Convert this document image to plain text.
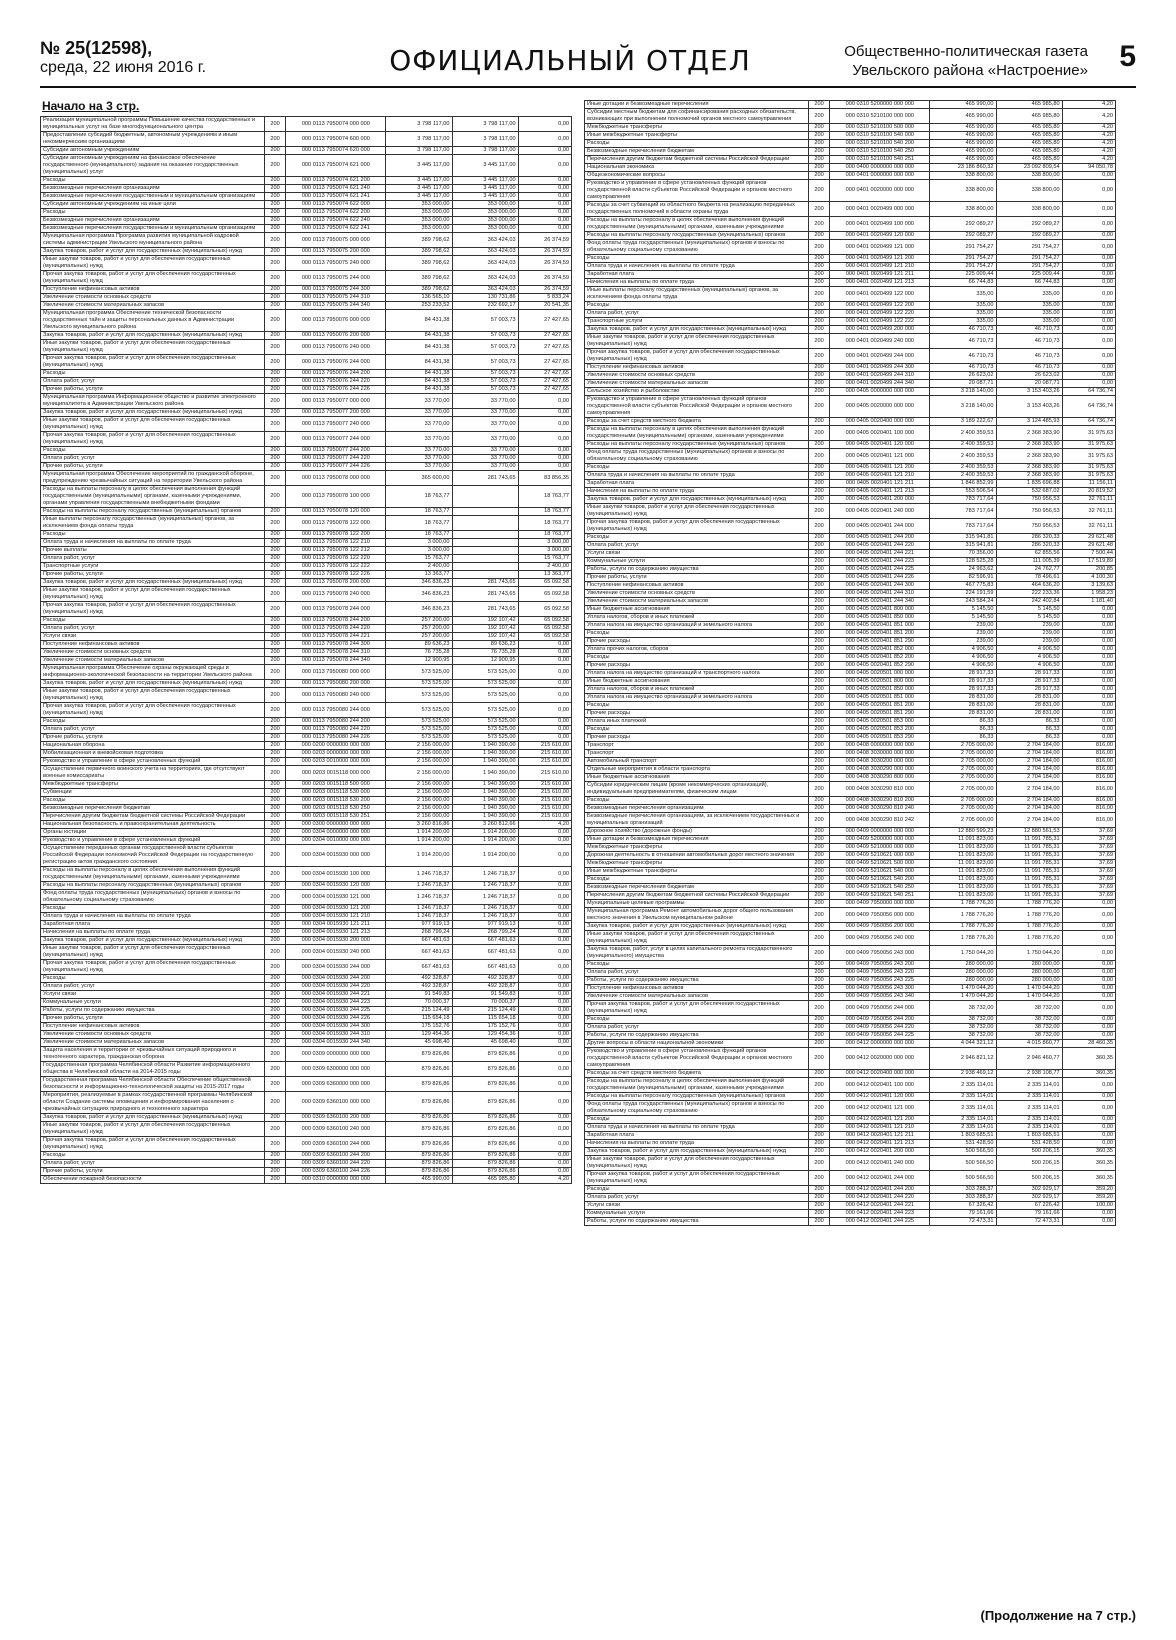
№ 25(12598),
среда, 22 июня 2016 г.	ОФИЦИАЛЬНЫЙ ОТДЕЛ	Общественно-политическая газета
Увельского района «Настроение» 5
Начало на 3 стр.
Реализация муниципальной программы Повышение качества государственных и муниципальных услуг на базе многофункционального центра	200	000 0113 7950074 000 000	3 798 117,00	3 798 117,00	0,00
Предоставление субсидий бюджетным, автономным учреждениям и иным некоммерческим организациям	200	000 0113 7950074 600 000	3 798 117,00	3 798 117,00	0,00
Субсидии автономным учреждениям	200	000 0113 7950074 620 000	3 798 117,00	3 798 117,00	0,00
Субсидии автономным учреждениям на финансовое обеспечение государственного (муниципального) задания на оказание государственных (муниципальных) услуг	200	000 0113 7950074 621 000	3 445 117,00	3 445 117,00	0,00
Расходы	200	000 0113 7950074 621 200	3 445 117,00	3 445 117,00	0,00
Безвозмездные перечисления организациям	200	000 0113 7950074 621 240	3 445 117,00	3 445 117,00	0,00
Безвозмездные перечисления государственным и муниципальным организациям	200	000 0113 7950074 621 241	3 445 117,00	3 445 117,00	0,00
Субсидии автономным учреждениям на иные цели	200	000 0113 7950074 622 000	353 000,00	353 000,00	0,00
Расходы	200	000 0113 7950074 622 200	353 000,00	353 000,00	0,00
Безвозмездные перечисления организациям	200	000 0113 7950074 622 240	353 000,00	353 000,00	0,00
Безвозмездные перечисления государственным и муниципальным организациям	200	000 0113 7950074 622 241	353 000,00	353 000,00	0,00
Муниципальная программа Программа развития муниципальной кадровой системы администрации Увельского муниципального района	200	000 0113 7950075 000 000	389 798,62	363 424,03	26 374,59
Закупка товаров, работ и услуг для государственных (муниципальных) нужд	200	000 0113 7950075 200 000	389 798,62	363 424,03	26 374,59
Иные закупки товаров, работ и услуг для обеспечения государственных (муниципальных) нужд	200	000 0113 7950075 240 000	389 798,62	363 424,03	26 374,59
Прочая закупка товаров, работ и услуг для обеспечения государственных (муниципальных) нужд	200	000 0113 7950075 244 000	389 798,62	363 424,03	26 374,59
Поступление нефинансовых активов	200	000 0113 7950075 244 300	389 798,62	363 424,03	26 374,59
Увеличение стоимости основных средств	200	000 0113 7950075 244 310	136 565,10	130 731,86	5 833,24
Увеличение стоимости материальных запасов	200	000 0113 7950075 244 340	253 233,52	232 692,17	20 541,35
Муниципальная программа Обеспечение технической безопасности государственных тайн и защиты персональных данных в Администрации Увельского муниципального района	200	000 0113 7950076 000 000	84 431,38	57 003,73	27 427,65
Закупка товаров, работ и услуг для государственных (муниципальных) нужд	200	000 0113 7950076 200 000	84 431,38	57 003,73	27 427,65
Иные закупки товаров, работ и услуг для обеспечения государственных (муниципальных) нужд	200	000 0113 7950076 240 000	84 431,38	57 003,73	27 427,65
Прочая закупка товаров, работ и услуг для обеспечения государственных (муниципальных) нужд	200	000 0113 7950076 244 000	84 431,38	57 003,73	27 427,65
Расходы	200	000 0113 7950076 244 200	84 431,38	57 003,73	27 427,65
Оплата работ, услуг	200	000 0113 7950076 244 220	84 431,38	57 003,73	27 427,65
Прочие работы, услуги	200	000 0113 7950076 244 226	84 431,38	57 003,73	27 427,65
Муниципальная программа Информационное общество и развитие электронного муниципалитета в Администрации Увельского района	200	000 0113 7950077 000 000	33 770,00	33 770,00	0,00
Закупка товаров, работ и услуг для государственных (муниципальных) нужд	200	000 0113 7950077 200 000	33 770,00	33 770,00	0,00
Иные закупки товаров, работ и услуг для обеспечения государственных (муниципальных) нужд	200	000 0113 7950077 240 000	33 770,00	33 770,00	0,00
Прочая закупка товаров, работ и услуг для обеспечения государственных (муниципальных) нужд	200	000 0113 7950077 244 000	33 770,00	33 770,00	0,00
Расходы	200	000 0113 7950077 244 200	33 770,00	33 770,00	0,00
Оплата работ, услуг	200	000 0113 7950077 244 220	33 770,00	33 770,00	0,00
Прочие работы, услуги	200	000 0113 7950077 244 226	33 770,00	33 770,00	0,00
Муниципальная программа Обеспечение мероприятий по гражданской обороне, предупреждению чрезвычайных ситуаций на территории Увельского района	200	000 0113 7950078 000 000	365 600,00	281 743,65	83 856,35
Расходы на выплаты персоналу в целях обеспечения выполнения функций государственными (муниципальными) органами, казенными учреждениями, органами управления государственными внебюджетными фондами	200	000 0113 7950078 100 000	18 763,77		18 763,77
Расходы на выплаты персоналу государственных (муниципальных) органов	200	000 0113 7950078 120 000	18 763,77		18 763,77
Иные выплаты персоналу государственных (муниципальных) органов, за исключением фонда оплаты труда	200	000 0113 7950078 122 000	18 763,77		18 763,77
Расходы	200	000 0113 7950078 122 200	18 763,77		18 763,77
Оплата труда и начисления на выплаты по оплате труда	200	000 0113 7950078 122 210	3 000,00		3 000,00
Прочие выплаты	200	000 0113 7950078 122 212	3 000,00		3 000,00
Оплата работ, услуг	200	000 0113 7950078 122 220	15 763,77		15 763,77
Транспортные услуги	200	000 0113 7950078 122 222	2 400,00		2 400,00
Прочие работы, услуги	200	000 0113 7950078 122 226	13 363,77		13 363,77
Закупка товаров, работ и услуг для государственных (муниципальных) нужд	200	000 0113 7950078 200 000	346 836,23	281 743,65	65 092,58
Иные закупки товаров, работ и услуг для обеспечения государственных (муниципальных) нужд	200	000 0113 7950078 240 000	346 836,23	281 743,65	65 092,58
Прочая закупка товаров, работ и услуг для обеспечения государственных (муниципальных) нужд	200	000 0113 7950078 244 000	346 836,23	281 743,65	65 092,58
Расходы	200	000 0113 7950078 244 200	257 200,00	192 107,42	65 092,58
Оплата работ, услуг	200	000 0113 7950078 244 220	257 200,00	192 107,42	65 092,58
Услуги связи	200	000 0113 7950078 244 221	257 200,00	192 107,42	65 092,58
Поступление нефинансовых активов	200	000 0113 7950078 244 300	89 636,23	89 636,23	0,00
Увеличение стоимости основных средств	200	000 0113 7950078 244 310	76 735,28	76 735,28	0,00
Увеличение стоимости материальных запасов	200	000 0113 7950078 244 340	12 900,95	12 900,95	0,00
Муниципальная программа Обеспечение охраны окружающей среды и информационно-экологической безопасности на территории Увельского района	200	000 0113 7950080 000 000	573 525,00	573 525,00	0,00
Закупка товаров, работ и услуг для государственных (муниципальных) нужд	200	000 0113 7950080 200 000	573 525,00	573 525,00	0,00
Иные закупки товаров, работ и услуг для обеспечения государственных (муниципальных) нужд	200	000 0113 7950080 240 000	573 525,00	573 525,00	0,00
Прочая закупка товаров, работ и услуг для обеспечения государственных (муниципальных) нужд	200	000 0113 7950080 244 000	573 525,00	573 525,00	0,00
Расходы	200	000 0113 7950080 244 200	573 525,00	573 525,00	0,00
Оплата работ, услуг	200	000 0113 7950080 244 220	573 525,00	573 525,00	0,00
Прочие работы, услуги	200	000 0113 7950080 244 226	573 525,00	573 525,00	0,00
Национальная оборона	200	000 0200 0000000 000 000	2 156 000,00	1 940 390,00	215 610,00
Мобилизационная и вневойсковая подготовка	200	000 0203 0000000 000 000	2 156 000,00	1 940 390,00	215 610,00
Руководство и управление в сфере установленных функций	200	000 0203 0010000 000 000	2 156 000,00	1 940 390,00	215 610,00
Осуществление первичного воинского учета на территориях, где отсутствуют военные комиссариаты	200	000 0203 0015118 000 000	2 156 000,00	1 940 390,00	215 610,00
Межбюджетные трансферты	200	000 0203 0015118 500 000	2 156 000,00	1 940 390,00	215 610,00
Субвенции	200	000 0203 0015118 530 000	2 156 000,00	1 940 390,00	215 610,00
Расходы	200	000 0203 0015118 530 200	2 156 000,00	1 940 390,00	215 610,00
Безвозмездные перечисления бюджетам	200	000 0203 0015118 530 250	2 156 000,00	1 940 390,00	215 610,00
Перечисления другим бюджетам бюджетной системы Российской Федерации	200	000 0203 0015118 530 251	2 156 000,00	1 940 390,00	215 610,00
Национальная безопасность и правоохранительная деятельность	200	000 0300 0000000 000 000	3 260 816,86	3 260 812,66	4,20
Органы юстиции	200	000 0304 0000000 000 000	1 914 200,00	1 914 200,00	0,00
Руководство и управление в сфере установленных функций	200	000 0304 0010000 000 000	1 914 200,00	1 914 200,00	0,00
Осуществление переданных органам государственной власти субъектов Российской Федерации полномочий Российской Федерации на государственную регистрацию актов гражданского состояния	200	000 0304 0015930 000 000	1 914 200,00	1 914 200,00	0,00
Расходы на выплаты персоналу в целях обеспечения выполнения функций государственными (муниципальными) органами, казенными учреждениями	200	000 0304 0015930 100 000	1 246 718,37	1 246 718,37	0,00
Расходы на выплаты персоналу государственных (муниципальных) органов	200	000 0304 0015930 120 000	1 246 718,37	1 246 718,37	0,00
Фонд оплаты труда государственных (муниципальных) органов и взносы по обязательному социальному страхованию	200	000 0304 0015930 121 000	1 246 718,37	1 246 718,37	0,00
Расходы	200	000 0304 0015930 121 200	1 246 718,37	1 246 718,37	0,00
Оплата труда и начисления на выплаты по оплате труда	200	000 0304 0015930 121 210	1 246 718,37	1 246 718,37	0,00
Заработная плата	200	000 0304 0015930 121 211	977 919,13	977 919,13	0,00
Начисления на выплаты по оплате труда	200	000 0304 0015930 121 213	268 799,24	268 799,24	0,00
Закупка товаров, работ и услуг для государственных (муниципальных) нужд	200	000 0304 0015930 200 000	667 481,63	667 481,63	0,00
Иные закупки товаров, работ и услуг для обеспечения государственных (муниципальных) нужд	200	000 0304 0015930 240 000	667 481,63	667 481,63	0,00
Прочая закупка товаров, работ и услуг для обеспечения государственных (муниципальных) нужд	200	000 0304 0015930 244 000	667 481,63	667 481,63	0,00
Расходы	200	000 0304 0015930 244 200	492 328,87	492 328,87	0,00
Оплата работ, услуг	200	000 0304 0015930 244 220	492 328,87	492 328,87	0,00
Услуги связи	200	000 0304 0015930 244 221	91 549,83	91 549,83	0,00
Коммунальные услуги	200	000 0304 0015930 244 223	70 000,37	70 000,37	0,00
Работы, услуги по содержанию имущества	200	000 0304 0015930 244 225	215 124,49	215 124,49	0,00
Прочие работы, услуги	200	000 0304 0015930 244 226	115 654,18	115 654,18	0,00
Поступление нефинансовых активов	200	000 0304 0015930 244 300	175 152,76	175 152,76	0,00
Увеличение стоимости основных средств	200	000 0304 0015930 244 310	129 454,36	129 454,36	0,00
Увеличение стоимости материальных запасов	200	000 0304 0015930 244 340	45 698,40	45 698,40	0,00
Защита населения и территории от чрезвычайных ситуаций природного и техногенного характера, гражданская оборона	200	000 0309 0000000 000 000	879 826,86	879 826,86	0,00
Государственная программа Челябинской области Развитие информационного общества в Челябинской области на 2014-2015 годы	200	000 0309 6300000 000 000	879 826,86	879 826,86	0,00
Государственная программа Челябинской области Обеспечение общественной безопасности и информационно-технологической защиты на 2015-2017 годы	200	000 0309 6360000 000 000	879 826,86	879 826,86	0,00
Мероприятия, реализуемые в рамках государственной программы Челябинской области Создание системы оповещения и информирования населения о чрезвычайных ситуациях природного и техногенного характера	200	000 0309 6360100 000 000	879 826,86	879 826,86	0,00
Закупка товаров, работ и услуг для государственных (муниципальных) нужд	200	000 0309 6360100 200 000	879 826,86	879 826,86	0,00
Иные закупки товаров, работ и услуг для обеспечения государственных (муниципальных) нужд	200	000 0309 6360100 240 000	879 826,86	879 826,86	0,00
Прочая закупка товаров, работ и услуг для обеспечения государственных (муниципальных) нужд	200	000 0309 6360100 244 000	879 826,86	879 826,86	0,00
Расходы	200	000 0309 6360100 244 200	879 826,86	879 826,86	0,00
Оплата работ, услуг	200	000 0309 6360100 244 220	879 826,86	879 826,86	0,00
Прочие работы, услуги	200	000 0309 6360100 244 226	879 826,86	879 826,86	0,00
Обеспечение пожарной безопасности	200	000 0310 0000000 000 000	465 990,00	465 985,80	4,20
Иные дотации и безвозмездные перечисления	200	000 0310 5200000 000 000	465 990,00	465 985,80	4,20
Субсидии местным бюджетам для софинансирования расходных обязательств, возникающих при выполнении полномочий органов местного самоуправления	200	000 0310 5210100 000 000	465 990,00	465 985,80	4,20
Межбюджетные трансферты	200	000 0310 5210100 500 000	465 990,00	465 985,80	4,20
Иные межбюджетные трансферты	200	000 0310 5210100 540 000	465 990,00	465 985,80	4,20
Расходы	200	000 0310 5210100 540 200	465 990,00	465 985,80	4,20
Безвозмездные перечисления бюджетам	200	000 0310 5210100 540 250	465 990,00	465 985,80	4,20
Перечисления другим бюджетам бюджетной системы Российской Федерации	200	000 0310 5210100 540 251	465 990,00	465 985,80	4,20
Национальная экономика	200	000 0400 0000000 000 000	23 186 860,32	23 092 809,54	94 050,78
Общеэкономические вопросы	200	000 0401 0000000 000 000	338 800,00	338 800,00	0,00
Руководство и управление в сфере установленных функций органов государственной власти субъектов Российской Федерации и органов местного самоуправления	200	000 0401 0020000 000 000	338 800,00	338 800,00	0,00
Расходы за счет субвенций из областного бюджета на реализацию переданных государственных полномочий в области охраны труда	200	000 0401 0020499 000 000	338 800,00	338 800,00	0,00
Расходы на выплаты персоналу в целях обеспечения выполнения функций государственными (муниципальными) органами, казенными учреждениями	200	000 0401 0020499 100 000	292 089,27	292 089,27	0,00
Расходы на выплаты персоналу государственных (муниципальных) органов	200	000 0401 0020499 120 000	292 089,27	292 089,27	0,00
Фонд оплаты труда государственных (муниципальных) органов и взносы по обязательному социальному страхованию	200	000 0401 0020499 121 000	291 754,27	291 754,27	0,00
Расходы	200	000 0401 0020499 121 200	291 754,27	291 754,27	0,00
Оплата труда и начисления на выплаты по оплате труда	200	000 0401 0020499 121 210	291 754,27	291 754,27	0,00
Заработная плата	200	000 0401 0020499 121 211	225 009,44	225 009,44	0,00
Начисления на выплаты по оплате труда	200	000 0401 0020499 121 213	66 744,83	66 744,83	0,00
Иные выплаты персоналу государственных (муниципальных) органов, за исключением фонда оплаты труда	200	000 0401 0020499 122 000	335,00	335,00	0,00
Расходы	200	000 0401 0020499 122 200	335,00	335,00	0,00
Оплата работ, услуг	200	000 0401 0020499 122 220	335,00	335,00	0,00
Транспортные услуги	200	000 0401 0020499 122 222	335,00	335,00	0,00
Закупка товаров, работ и услуг для государственных (муниципальных) нужд	200	000 0401 0020499 200 000	46 710,73	46 710,73	0,00
Иные закупки товаров, работ и услуг для обеспечения государственных (муниципальных) нужд	200	000 0401 0020499 240 000	46 710,73	46 710,73	0,00
Прочая закупка товаров, работ и услуг для обеспечения государственных (муниципальных) нужд	200	000 0401 0020499 244 000	46 710,73	46 710,73	0,00
Поступление нефинансовых активов	200	000 0401 0020499 244 300	46 710,73	46 710,73	0,00
Увеличение стоимости основных средств	200	000 0401 0020499 244 310	26 623,02	26 623,02	0,00
Увеличение стоимости материальных запасов	200	000 0401 0020499 244 340	20 087,71	20 087,71	0,00
Сельское хозяйство и рыболовство	200	000 0405 0000000 000 000	3 218 140,00	3 153 403,26	64 736,74
Руководство и управление в сфере установленных функций органов государственной власти субъектов Российской Федерации и органов местного самоуправления	200	000 0405 0020000 000 000	3 218 140,00	3 153 403,26	64 736,74
Расходы за счет средств местного бюджета	200	000 0405 0020400 000 000	3 189 222,67	3 124 485,93	64 736,74
Расходы на выплаты персоналу в целях обеспечения выполнения функций государственными (муниципальными) органами, казенными учреждениями	200	000 0405 0020401 100 000	2 400 359,53	2 368 383,90	31 975,63
Расходы на выплаты персоналу государственных (муниципальных) органов	200	000 0405 0020401 120 000	2 400 359,53	2 368 383,90	31 975,63
Фонд оплаты труда государственных (муниципальных) органов и взносы по обязательному социальному страхованию	200	000 0405 0020401 121 000	2 400 359,53	2 368 383,90	31 975,63
Расходы	200	000 0405 0020401 121 200	2 400 359,53	2 368 383,90	31 975,63
Оплата труда и начисления на выплаты по оплате труда	200	000 0405 0020401 121 210	2 400 359,53	2 368 383,90	31 975,63
Заработная плата	200	000 0405 0020401 121 211	1 846 852,99	1 835 696,88	11 156,11
Начисления на выплаты по оплате труда	200	000 0405 0020401 121 213	553 506,54	532 687,02	20 819,52
Закупка товаров, работ и услуг для государственных (муниципальных) нужд	200	000 0405 0020401 200 000	783 717,64	750 956,53	32 761,11
Иные закупки товаров, работ и услуг для обеспечения государственных (муниципальных) нужд	200	000 0405 0020401 240 000	783 717,64	750 956,53	32 761,11
Прочая закупка товаров, работ и услуг для обеспечения государственных (муниципальных) нужд	200	000 0405 0020401 244 000	783 717,64	750 956,53	32 761,11
Расходы	200	000 0405 0020401 244 200	315 941,81	286 320,33	29 621,48
Оплата работ, услуг	200	000 0405 0020401 244 220	315 941,81	286 320,33	29 621,48
Услуги связи	200	000 0405 0020401 244 221	70 356,00	62 855,56	7 500,44
Коммунальные услуги	200	000 0405 0020401 244 223	128 525,28	111 005,39	17 519,89
Работы, услуги по содержанию имущества	200	000 0405 0020401 244 225	24 963,62	24 762,77	200,85
Прочие работы, услуги	200	000 0405 0020401 244 226	82 596,91	78 496,61	4 100,30
Поступление нефинансовых активов	200	000 0405 0020401 244 300	467 775,83	464 636,20	3 139,63
Увеличение стоимости основных средств	200	000 0405 0020401 244 310	224 191,59	222 233,36	1 958,23
Увеличение стоимости материальных запасов	200	000 0405 0020401 244 340	243 584,24	242 402,84	1 181,40
Иные бюджетные ассигнования	200	000 0405 0020401 800 000	5 145,50	5 145,50	0,00
Уплата налогов, сборов и иных платежей	200	000 0405 0020401 850 000	5 145,50	5 145,50	0,00
Уплата налога на имущество организаций и земельного налога	200	000 0405 0020401 851 000	239,00	239,00	0,00
Расходы	200	000 0405 0020401 851 200	239,00	239,00	0,00
Прочие расходы	200	000 0405 0020401 851 290	239,00	239,00	0,00
Уплата прочих налогов, сборов	200	000 0405 0020401 852 000	4 906,50	4 906,50	0,00
Расходы	200	000 0405 0020401 852 200	4 906,50	4 906,50	0,00
Прочие расходы	200	000 0405 0020401 852 290	4 906,50	4 906,50	0,00
Уплата налога на имущество организаций и транспортного налога	200	000 0405 0020501 000 000	28 917,33	28 917,33	0,00
Иные бюджетные ассигнования	200	000 0405 0020501 800 000	28 917,33	28 917,33	0,00
Уплата налогов, сборов и иных платежей	200	000 0405 0020501 850 000	28 917,33	28 917,33	0,00
Уплата налога на имущество организаций и земельного налога	200	000 0405 0020501 851 000	28 831,00	28 831,00	0,00
Расходы	200	000 0405 0020501 851 200	28 831,00	28 831,00	0,00
Прочие расходы	200	000 0405 0020501 851 290	28 831,00	28 831,00	0,00
Уплата иных платежей	200	000 0405 0020501 853 000	86,33	86,33	0,00
Расходы	200	000 0405 0020501 853 200	86,33	86,33	0,00
Прочие расходы	200	000 0405 0020501 853 290	86,33	86,33	0,00
Транспорт	200	000 0408 0000000 000 000	2 705 000,00	2 704 184,00	816,00
Транспорт	200	000 0408 3030000 000 000	2 705 000,00	2 704 184,00	816,00
Автомобильный транспорт	200	000 0408 3030200 000 000	2 705 000,00	2 704 184,00	816,00
Отдельные мероприятия в области транспорта	200	000 0408 3030290 000 000	2 705 000,00	2 704 184,00	816,00
Иные бюджетные ассигнования	200	000 0408 3030290 800 000	2 705 000,00	2 704 184,00	816,00
Субсидии юридическим лицам (кроме некоммерческих организаций), индивидуальным предпринимателям, физическим лицам	200	000 0408 3030290 810 000	2 705 000,00	2 704 184,00	816,00
Расходы	200	000 0408 3030290 810 200	2 705 000,00	2 704 184,00	816,00
Безвозмездные перечисления организациям	200	000 0408 3030290 810 240	2 705 000,00	2 704 184,00	816,00
Безвозмездные перечисления организациям, за исключением государственных и муниципальных организаций	200	000 0408 3030290 810 242	2 705 000,00	2 704 184,00	816,00
Дорожное хозяйство (дорожные фонды)	200	000 0409 0000000 000 000	12 880 599,23	12 880 561,53	37,69
Иные дотации и безвозмездные перечисления	200	000 0409 5200000 000 000	11 091 823,00	11 091 785,31	37,69
Межбюджетные трансферты	200	000 0409 5210000 000 000	11 091 823,00	11 091 785,31	37,69
Дорожная деятельность в отношении автомобильных дорог местного значения	200	000 0409 5210621 000 000	11 091 823,00	11 091 785,31	37,69
Межбюджетные трансферты	200	000 0409 5210621 500 000	11 091 823,00	11 091 785,31	37,69
Иные межбюджетные трансферты	200	000 0409 5210621 540 000	11 091 823,00	11 091 785,31	37,69
Расходы	200	000 0409 5210621 540 200	11 091 823,00	11 091 785,31	37,69
Безвозмездные перечисления бюджетам	200	000 0409 5210621 540 250	11 091 823,00	11 091 785,31	37,69
Перечисления другим бюджетам бюджетной системы Российской Федерации	200	000 0409 5210621 540 251	11 091 823,00	11 091 785,31	37,69
Муниципальные целевые программы	200	000 0409 7950000 000 000	1 788 776,20	1 788 776,20	0,00
Муниципальная программа Ремонт автомобильных дорог общего пользования местного значения в Увельском муниципальном районе	200	000 0409 7950056 000 000	1 788 776,20	1 788 776,20	0,00
Закупка товаров, работ и услуг для государственных (муниципальных) нужд	200	000 0409 7950056 200 000	1 788 776,20	1 788 776,20	0,00
Иные закупки товаров, работ и услуг для обеспечения государственных (муниципальных) нужд	200	000 0409 7950056 240 000	1 788 776,20	1 788 776,20	0,00
Закупка товаров, работ, услуг в целях капитального ремонта государственного (муниципального) имущества	200	000 0409 7950056 243 000	1 750 044,20	1 750 044,20	0,00
Расходы	200	000 0409 7950056 243 200	280 000,00	280 000,00	0,00
Оплата работ, услуг	200	000 0409 7950056 243 220	280 000,00	280 000,00	0,00
Работы, услуги по содержанию имущества	200	000 0409 7950056 243 225	280 000,00	280 000,00	0,00
Поступление нефинансовых активов	200	000 0409 7950056 243 300	1 470 044,20	1 470 044,20	0,00
Увеличение стоимости материальных запасов	200	000 0409 7950056 243 340	1 470 044,20	1 470 044,20	0,00
Прочая закупка товаров, работ и услуг для обеспечения государственных (муниципальных) нужд	200	000 0409 7950056 244 000	38 732,00	38 732,00	0,00
Расходы	200	000 0409 7950056 244 200	38 732,00	38 732,00	0,00
Оплата работ, услуг	200	000 0409 7950056 244 220	38 732,00	38 732,00	0,00
Работы, услуги по содержанию имущества	200	000 0409 7950056 244 225	38 732,00	38 732,00	0,00
Другие вопросы в области национальной экономики	200	000 0412 0000000 000 000	4 044 321,12	4 015 860,77	28 460,35
Руководство и управление в сфере установленных функций органов государственной власти субъектов Российской Федерации и органов местного самоуправления	200	000 0412 0020000 000 000	2 946 821,12	2 946 460,77	360,35
Расходы за счет средств местного бюджета	200	000 0412 0020400 000 000	2 938 469,12	2 938 108,77	360,35
Расходы на выплаты персоналу в целях обеспечения выполнения функций государственными (муниципальными) органами, казенными учреждениями	200	000 0412 0020401 100 000	2 335 114,01	2 335 114,01	0,00
Расходы на выплаты персоналу государственных (муниципальных) органов	200	000 0412 0020401 120 000	2 335 114,01	2 335 114,01	0,00
Фонд оплаты труда государственных (муниципальных) органов и взносы по обязательному социальному страхованию	200	000 0412 0020401 121 000	2 335 114,01	2 335 114,01	0,00
Расходы	200	000 0412 0020401 121 200	2 335 114,01	2 335 114,01	0,00
Оплата труда и начисления на выплаты по оплате труда	200	000 0412 0020401 121 210	2 335 114,01	2 335 114,01	0,00
Заработная плата	200	000 0412 0020401 121 211	1 803 685,51	1 803 685,51	0,00
Начисления на выплаты по оплате труда	200	000 0412 0020401 121 213	531 428,50	531 428,50	0,00
Закупка товаров, работ и услуг для государственных (муниципальных) нужд	200	000 0412 0020401 200 000	500 566,50	500 206,15	360,35
Иные закупки товаров, работ и услуг для обеспечения государственных (муниципальных) нужд	200	000 0412 0020401 240 000	500 566,50	500 206,15	360,35
Прочая закупка товаров, работ и услуг для обеспечения государственных (муниципальных) нужд	200	000 0412 0020401 244 000	500 566,50	500 206,15	360,35
Расходы	200	000 0412 0020401 244 200	303 288,37	302 929,17	359,20
Оплата работ, услуг	200	000 0412 0020401 244 220	303 288,37	302 929,17	359,20
Услуги связи	200	000 0412 0020401 244 221	67 326,42	67 226,42	100,00
Коммунальные услуги	200	000 0412 0020401 244 223	79 161,66	79 161,66	0,00
Работы, услуги по содержанию имущества	200	000 0412 0020401 244 225	72 473,31	72 473,31	0,00
(Продолжение на 7 стр.)
